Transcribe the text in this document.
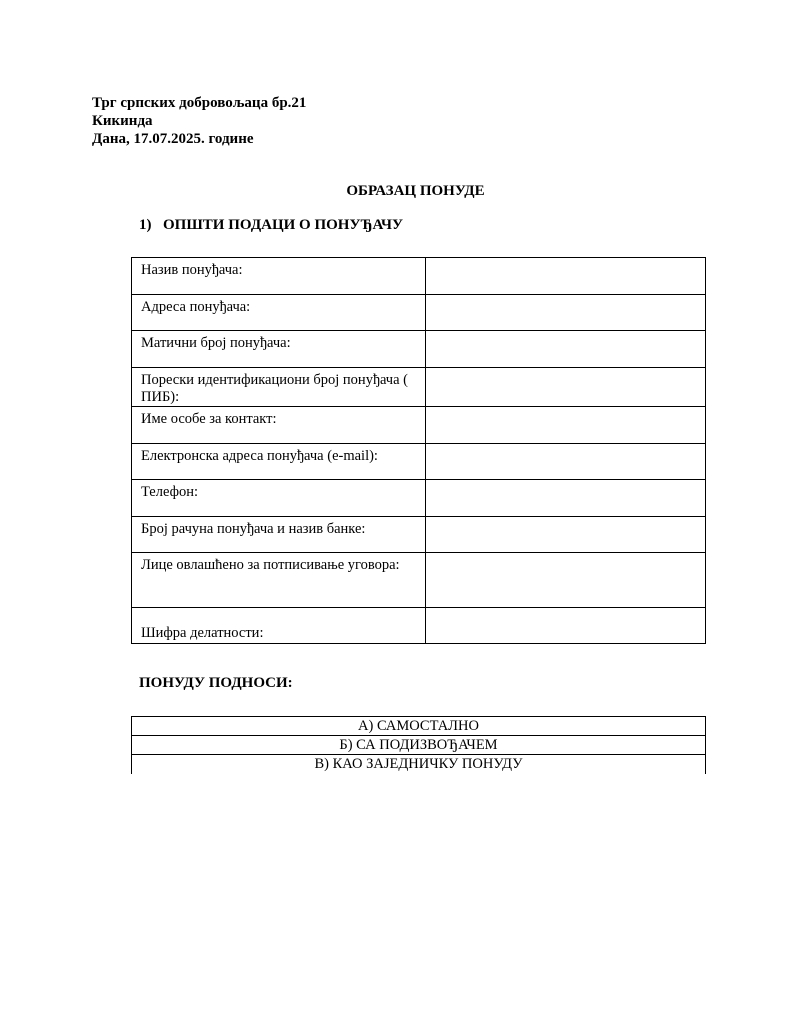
Трг српских добровољаца бр.21
Кикинда
Дана, 17.07.2025. године
ОБРАЗАЦ ПОНУДЕ
1) ОПШТИ ПОДАЦИ О ПОНУЂАЧУ
Назив понуђача:	
Адреса понуђача:	
Матични број понуђача:	
Порески идентификациони број понуђача ( ПИБ):	
Име особе за контакт:	
Електронска адреса понуђача (e-mail):	
Телефон:	
Број рачуна понуђача и назив банке:	
Лице овлашћено за потписивање уговора:	
Шифра делатности:	
ПОНУДУ ПОДНОСИ:
А) САМОСТАЛНО
Б) СА ПОДИЗВОЂАЧЕМ
В) КАО ЗАЈЕДНИЧКУ ПОНУДУ
